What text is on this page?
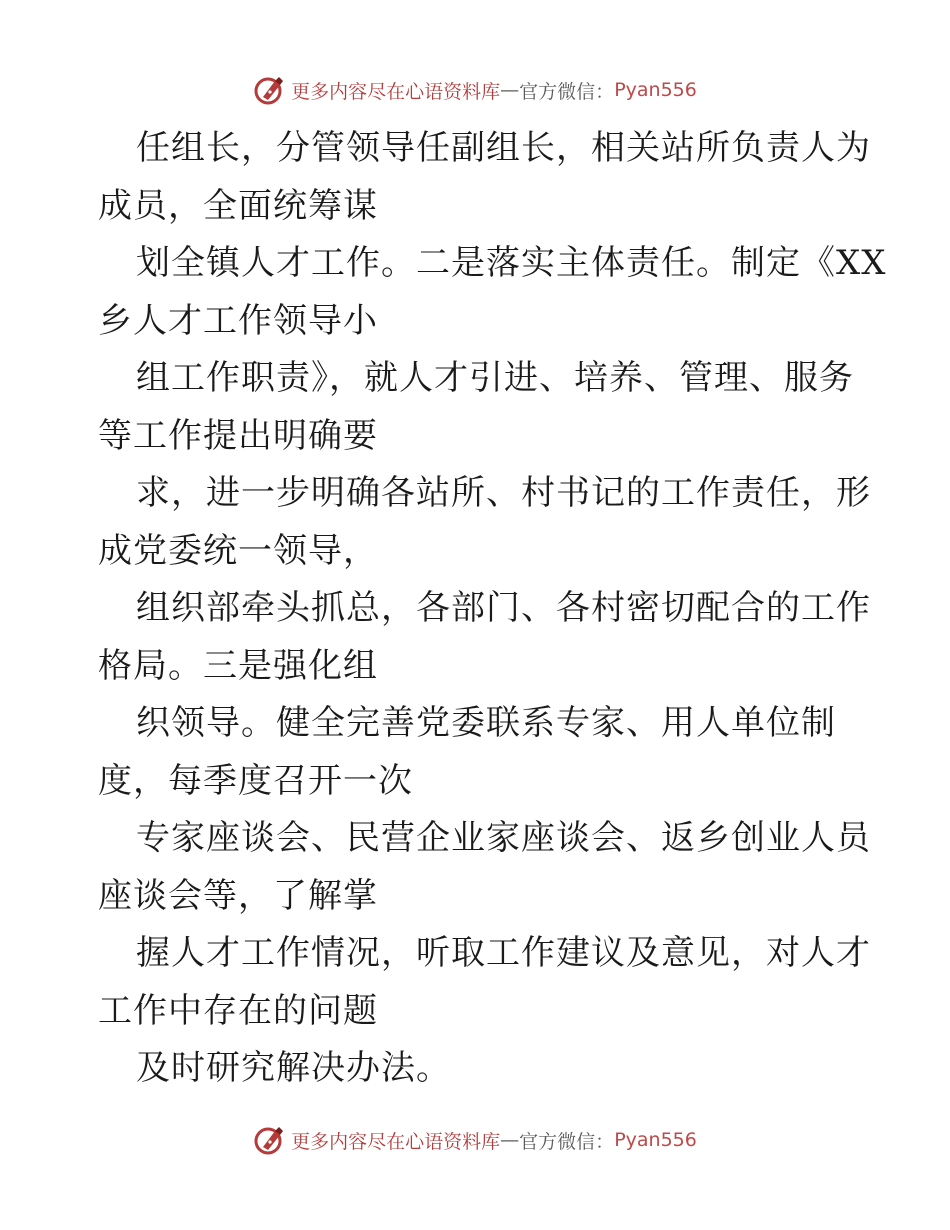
更多内容尽在心语资料库 — 官方微信： Pyan556
任组长，分管领导任副组长，相关站所负责人为
成员，全面统筹谋
划全镇人才工作。二是落实主体责任。制定《XX
乡人才工作领导小
组工作职责》，就人才引进、培养、管理、服务
等工作提出明确要
求，进一步明确各站所、村书记的工作责任，形
成党委统一领导，
组织部牵头抓总，各部门、各村密切配合的工作
格局。三是强化组
织领导。健全完善党委联系专家、用人单位制
度，每季度召开一次
专家座谈会、民营企业家座谈会、返乡创业人员
座谈会等，了解掌
握人才工作情况，听取工作建议及意见，对人才
工作中存在的问题
及时研究解决办法。
更多内容尽在心语资料库 — 官方微信： Pyan556
